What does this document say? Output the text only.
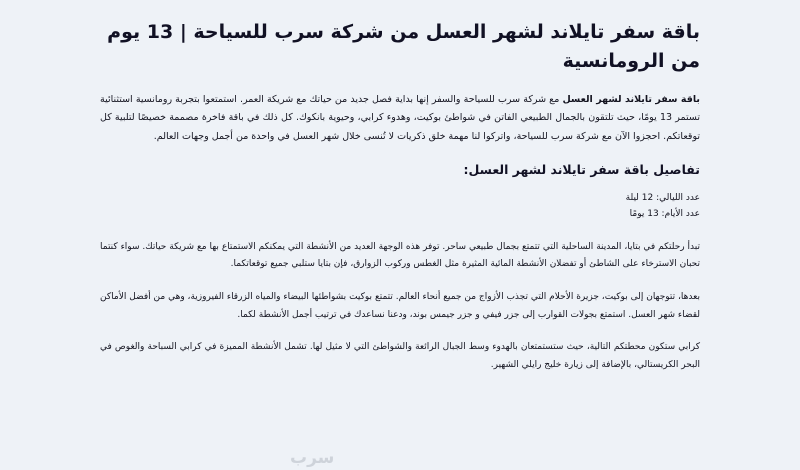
باقة سفر تايلاند لشهر العسل من شركة سرب للسياحة | 13 يوم من الرومانسية

باقة سفر تايلاند لشهر العسل مع شركة سرب للسياحة والسفر إنها بداية فصل جديد من حياتك مع شريكة العمر. استمتعوا بتجربة رومانسية استثنائية تستمر 13 يومًا، حيث تلتقون بالجمال الطبيعي الفاتن في شواطئ بوكيت، وهدوء كرابي، وحيوية بانكوك. كل ذلك في باقة فاخرة مصممة خصيصًا لتلبية كل توقعاتكم. احجزوا الآن مع شركة سرب للسياحة، واتركوا لنا مهمة خلق ذكريات لا تُنسى خلال شهر العسل في واحدة من أجمل وجهات العالم.

تفاصيل باقة سفر تايلاند لشهر العسل:
عدد الليالي: 12 ليلة
عدد الأيام: 13 يومًا

تبدأ رحلتكم في بتايا، المدينة الساحلية التي تتمتع بجمال طبيعي ساحر. توفر هذه الوجهة العديد من الأنشطة التي يمكنكم الاستمتاع بها مع شريكة حياتك. سواء كنتما تحبان الاسترخاء على الشاطئ أو تفضلان الأنشطة المائية المثيرة مثل الغطس وركوب الزوارق، فإن بتايا ستلبي جميع توقعاتكما.

بعدها، تتوجهان إلى بوكيت، جزيرة الأحلام التي تجذب الأزواج من جميع أنحاء العالم. تتمتع بوكيت بشواطئها البيضاء والمياه الزرقاء الفيروزية، وهي من أفضل الأماكن لقضاء شهر العسل. استمتع بجولات القوارب إلى جزر فيفي و جزر جيمس بوند، ودعنا نساعدك في ترتيب أجمل الأنشطة لكما.

كرابي ستكون محطتكم التالية، حيث ستستمتعان بالهدوء وسط الجبال الرائعة والشواطئ التي لا مثيل لها. تشمل الأنشطة المميزة في كرابي السباحة والغوص في البحر الكريستالي، بالإضافة إلى زيارة خليج رايلي الشهير.

سرب
